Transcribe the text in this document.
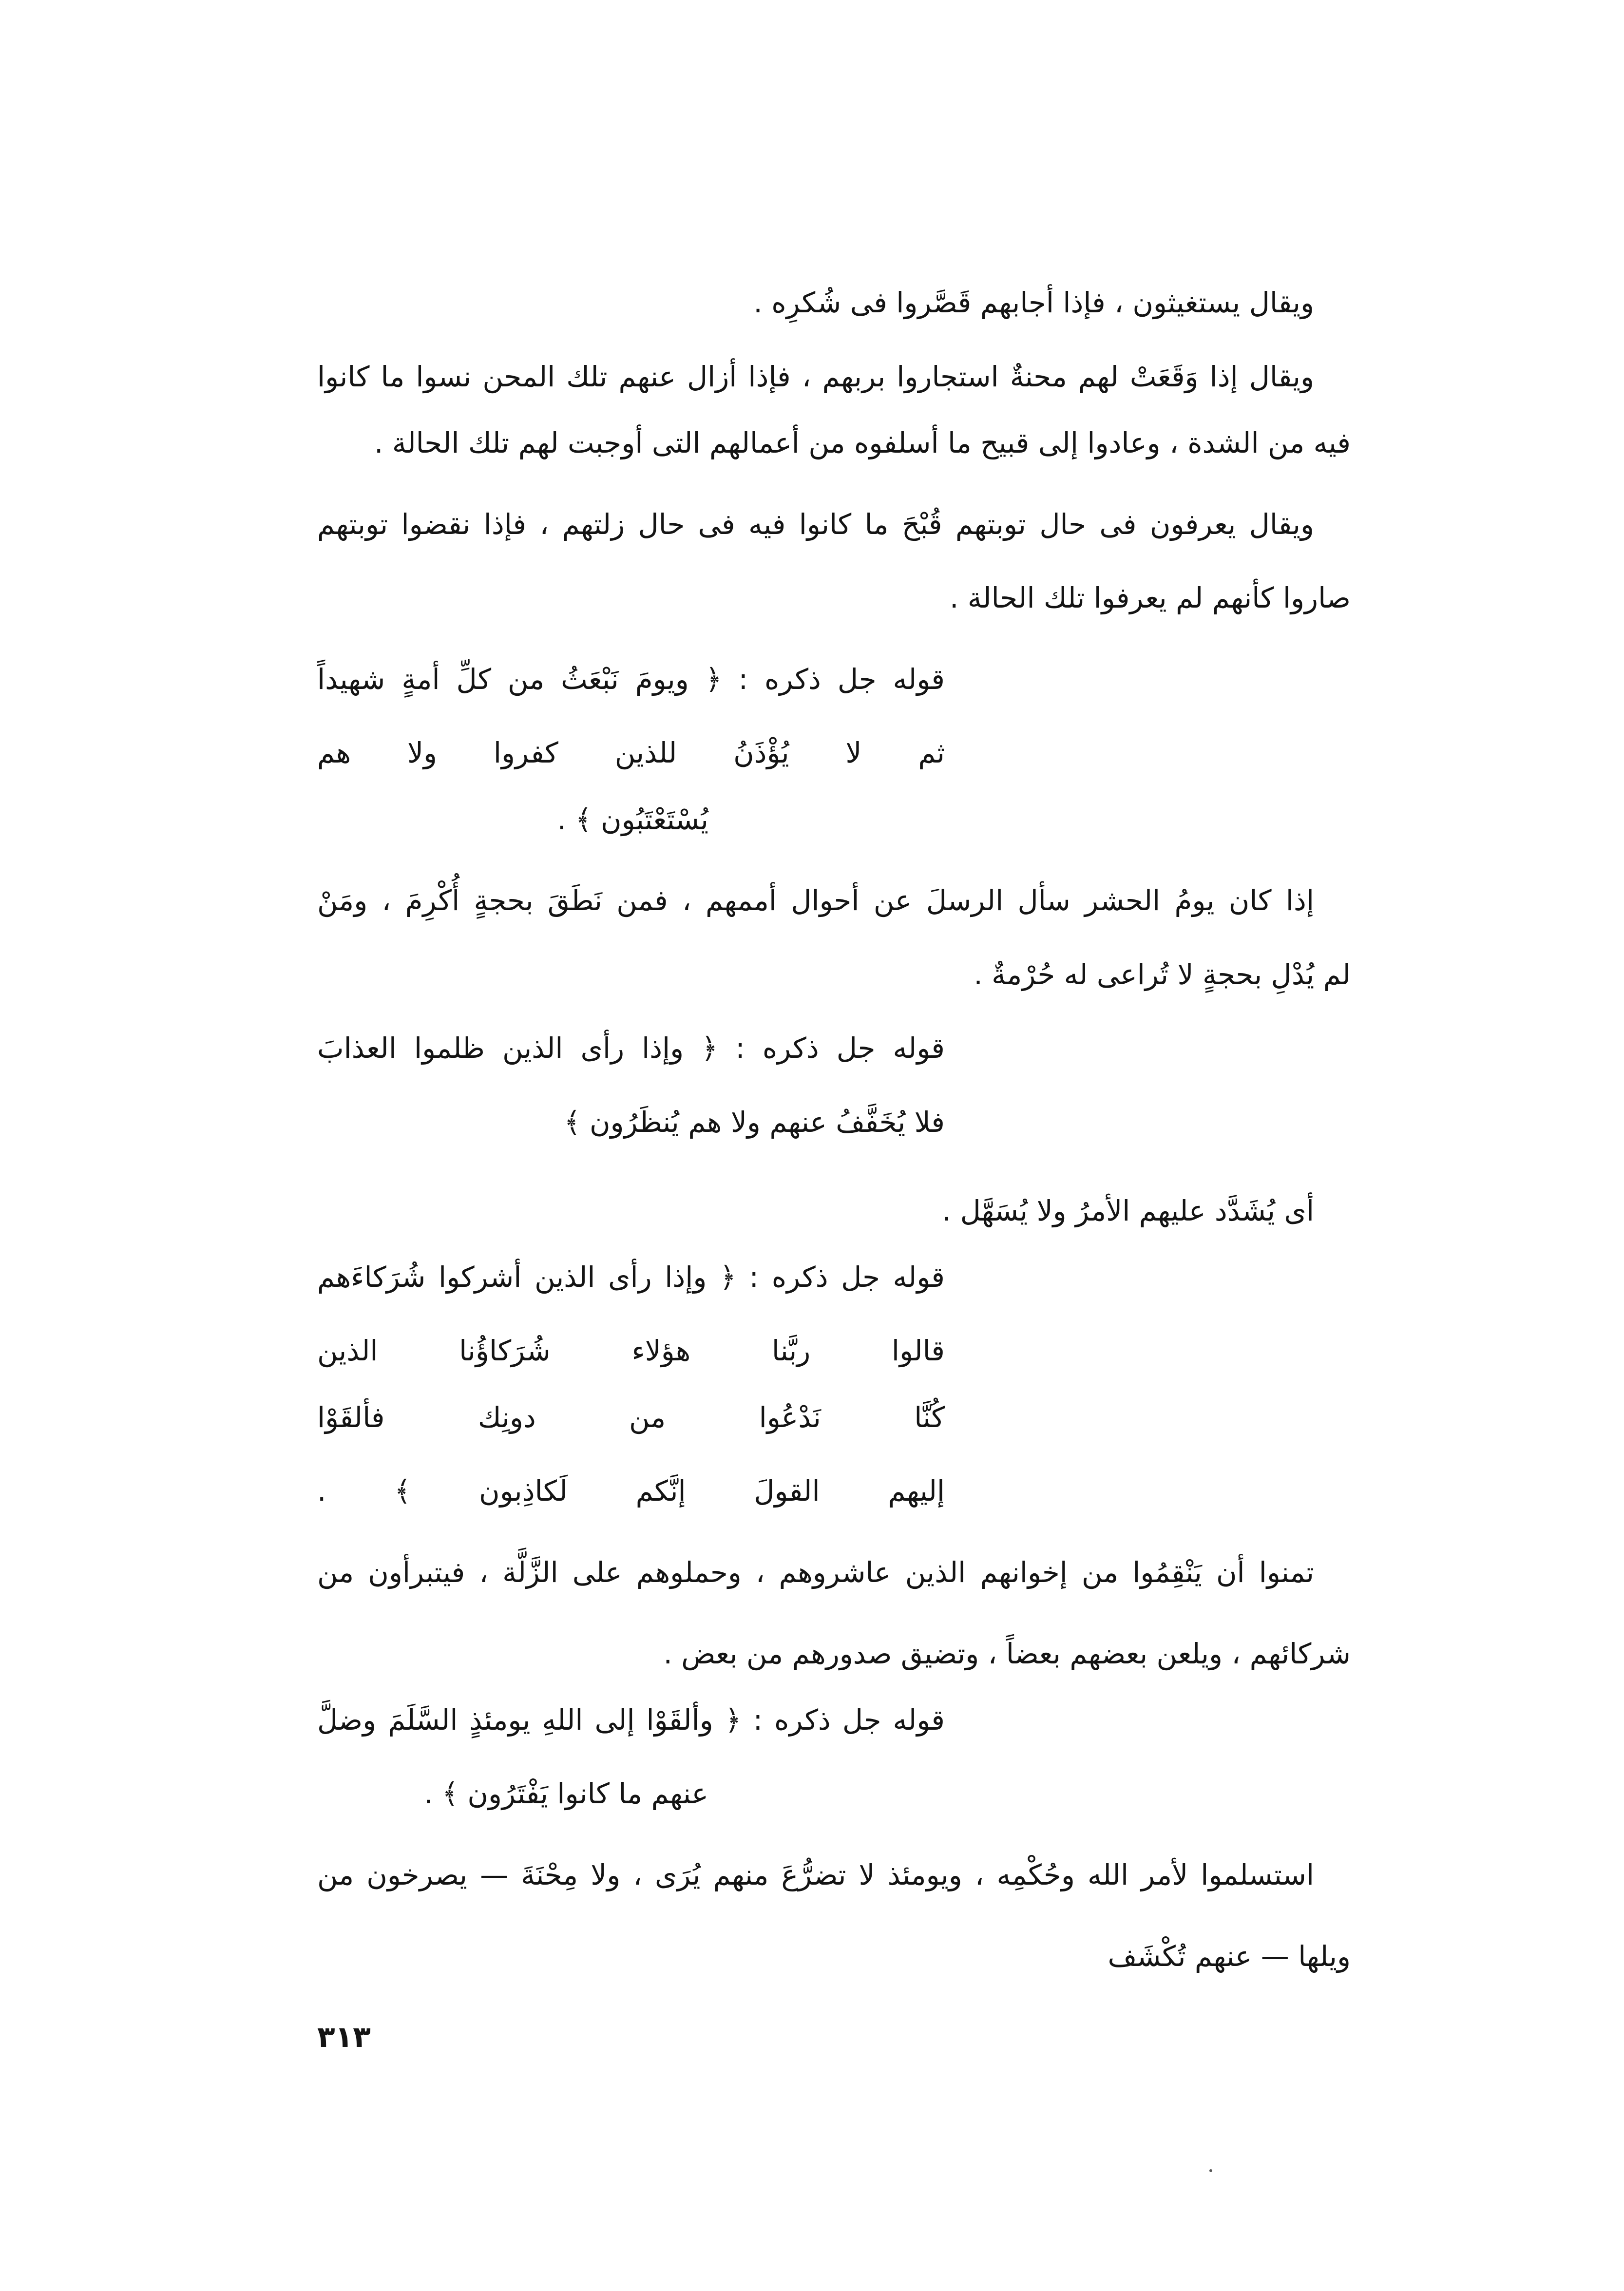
ويقال يستغيثون ، فإذا أجابهم قَصَّروا فى شُكرِه .
ويقال إذا وَقَعَتْ لهم محنةٌ استجاروا بربهم ، فإذا أزال عنهم تلك المحن نسوا ما كانوا
فيه من الشدة ، وعادوا إلى قبيح ما أسلفوه من أعمالهم التى أوجبت لهم تلك الحالة .
ويقال يعرفون فى حال توبتهم قُبْحَ ما كانوا فيه فى حال زلتهم ، فإذا نقضوا توبتهم
صاروا كأنهم لم يعرفوا تلك الحالة .
قوله جل ذكره : ﴿ ويومَ نَبْعَثُ من كلِّ أمةٍ شهيداً
ثم لا يُؤْذَنُ للذين كفروا ولا هم
يُسْتَعْتَبُون ﴾ .
إذا كان يومُ الحشر سأل الرسلَ عن أحوال أممهم ، فمن نَطَقَ بحجةٍ أُكْرِمَ ، ومَنْ
لم يُدْلِ بحجةٍ لا تُراعى له حُرْمةٌ .
قوله جل ذكره : ﴿ وإذا رأى الذين ظلموا العذابَ
فلا يُخَفَّفُ عنهم ولا هم يُنظَرُون ﴾
أى يُشَدَّد عليهم الأمرُ ولا يُسَهَّل .
قوله جل ذكره : ﴿ وإذا رأى الذين أشركوا شُرَكاءَهم
قالوا ربَّنا هؤلاء شُرَكاؤُنا الذين
كُنَّا نَدْعُوا من دونِك فألقَوْا
إليهم القولَ إنَّكم لَكاذِبون ﴾ .
تمنوا أن يَنْقِمُوا من إخوانهم الذين عاشروهم ، وحملوهم على الزَّلَّة ، فيتبرأون من
شركائهم ، ويلعن بعضهم بعضاً ، وتضيق صدورهم من بعض .
قوله جل ذكره : ﴿ وألقَوْا إلى اللهِ يومئذٍ السَّلَمَ وضلَّ
عنهم ما كانوا يَفْتَرُون ﴾ .
استسلموا لأمر الله وحُكْمِه ، ويومئذ لا تضرُّعَ منهم يُرَى ، ولا مِحْنَةَ — يصرخون من
ويلها — عنهم تُكْشَف
٣١٣
